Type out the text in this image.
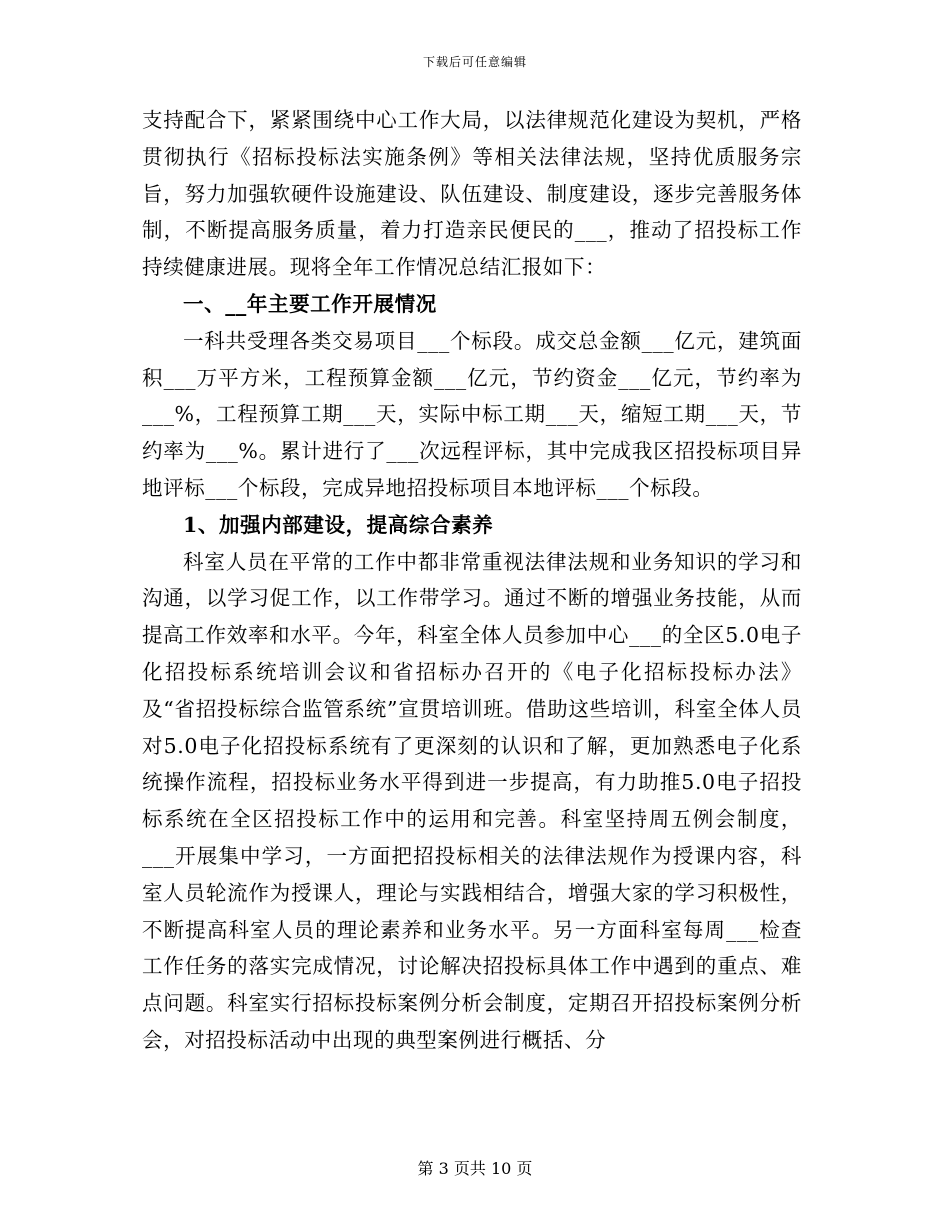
下载后可任意编辑

支持配合下，紧紧围绕中心工作大局，以法律规范化建设为契机，严格贯彻执行《招标投标法实施条例》等相关法律法规，坚持优质服务宗旨，努力加强软硬件设施建设、队伍建设、制度建设，逐步完善服务体制，不断提高服务质量，着力打造亲民便民的___，推动了招投标工作持续健康进展。现将全年工作情况总结汇报如下：

一、__年主要工作开展情况

一科共受理各类交易项目___个标段。成交总金额___亿元，建筑面积___万平方米，工程预算金额___亿元，节约资金___亿元，节约率为___%，工程预算工期___天，实际中标工期___天，缩短工期___天，节约率为___%。累计进行了___次远程评标，其中完成我区招投标项目异地评标___个标段，完成异地招投标项目本地评标___个标段。

1、加强内部建设，提高综合素养

科室人员在平常的工作中都非常重视法律法规和业务知识的学习和沟通，以学习促工作，以工作带学习。通过不断的增强业务技能，从而提高工作效率和水平。今年，科室全体人员参加中心___的全区5.0电子化招投标系统培训会议和省招标办召开的《电子化招标投标办法》及“省招投标综合监管系统”宣贯培训班。借助这些培训，科室全体人员对5.0电子化招投标系统有了更深刻的认识和了解，更加熟悉电子化系统操作流程，招投标业务水平得到进一步提高，有力助推5.0电子招投标系统在全区招投标工作中的运用和完善。科室坚持周五例会制度，___开展集中学习，一方面把招投标相关的法律法规作为授课内容，科室人员轮流作为授课人，理论与实践相结合，增强大家的学习积极性，不断提高科室人员的理论素养和业务水平。另一方面科室每周___检查工作任务的落实完成情况，讨论解决招投标具体工作中遇到的重点、难点问题。科室实行招标投标案例分析会制度，定期召开招投标案例分析会，对招投标活动中出现的典型案例进行概括、分

第 3 页共 10 页
